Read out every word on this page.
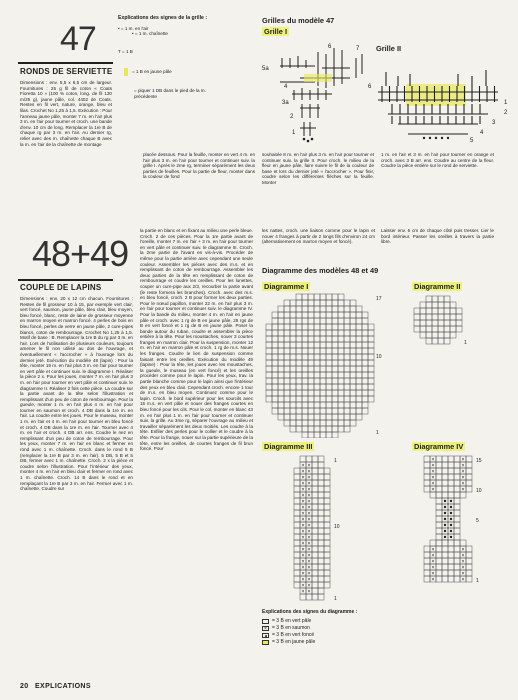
47
RONDS DE SERVIETTE

Dimensions : env. 5,5 x 6,5 cm de largeur. Fournitures : 25 g fil de coton « Coats Fioretta 10 » (100 % coton, long. de fil 130 m/25 g), jaune pâle, col. 4402 de Coats. Restes en fil vert, nature, orange, bleu et lilas. Crochet No 1,25 à 1,5. Exécution : Pour l'anneau jaune pâle, monter 7 m. en l'air plus 3 m. en l'air pour tourner et croch. une bande d'env. 10 cm de long. Remplacer la 1re B de chaque rg par 3 m. en l'air. Au dernier rg, relier avec des m. chaînette chaque B avec la m. en l'air de la chaînette de montage

Explications des signes de la grille :
• = 1 m. en l'air
• = 1 m. chaînette
T = 1 B
= 1 B en jaune pâle
= piquer 1 DB dans le pied de la m. précédente

placée dessous. Pour la feuille, monter en vert 4 m. en l'air plus 3 m. en l'air pour tourner et continuer suiv. la grille I. Après le 2me rg, terminer séparément les deux parties de feuilles. Pour la partie de fleur, monter dans la couleur de fond

Grilles du modèle 47
Grille I
Grille II
5a
4
3a
2
1
6	7
1
2
3
4
5
6

souhaitée 8 m. en l'air plus 3 m. en l'air pour tourner et continuer suiv. la grille II. Pour croch. le milieu de la fleur en jaune pâle, faire suivre le fil de la couleur de base et lors du dernier jeté « l'accrocher ». Pour finir, coudre selon les différentes flèches sur la feuille. Monter

1 m. en l'air et 3 m. en l'air pour tourner en orange et croch. avec 3 B arr. ens. Coudre au centre de la fleur. Coudre la pièce entière sur le rond de serviette.

48+49
COUPLE DE LAPINS

Dimensions : env. 20 x 12 cm chacun. Fournitures : Restes de fil grosseur 10 à 15, par exemple vert clair, vert foncé, saumon, jaune pâle, bleu clair, bleu moyen, bleu foncé, blanc, reste de laine de grosseur moyenne en marron moyen et marron foncé. 4 perles de bois en bleu foncé, perles de verre en jaune pâle, 2 cure-pipes blancs, coton de rembourrage. Crochet No 1,25 à 1,5. Motif de base : B. Remplacer la 1re B du rg par 3 m. en l'air. Lors de l'utilisation de plusieurs couleurs, toujours amener le fil non utilisé au dos de l'ouvrage, et éventuellement « l'accrocher » à l'ouvrage lors du dernier jeté. Exécution du modèle 48 (lapin) : Pour la tête, monter 19 m. en l'air plus 3 m. en l'air pour tourner en vert pâle et continuer suiv. le diagramme I. Réaliser la pièce 2 x. Pour les joues, monter 7 m. en l'air plus 3 m. en l'air pour tourner en vert pâle et continuer suiv. le diagramme II. Réaliser 2 fois cette pièce. La coudre sur la partie avant de la tête selon l'illustration et remplissant d'un peu de coton de rembourrage. Pour la gueule, monter 1 m. en l'air plus 4 m. en l'air pour tourner en saumon et croch. 4 DB dans la 1re m. en l'air. La coudre entre les joues. Pour le museau, monter 1 m. en l'air et 4 m. en l'air pour tourner en bleu foncé et croch. 4 DB dans la 1re m. en l'air. Tourner avec 4 m. en l'air et croch. 4 DB arr. ens. Coudre le nez en remplissant d'un peu de coton de rembourrage. Pour les yeux, monter 7 m. en l'air en blanc et fermer en rond avec 1 m. chaînette. Croch. dans le rond 5 B (remplacer la 1re B par 3 m. en l'air). 5 DB, 5 B et 5 DB, fermer avec 1 m. chaînette. Croch. 2 x la pièce et coudre selon l'illustration. Pour l'intérieur des yeux, monter 4 m. en l'air en bleu clair et fermer en rond avec 1 m. chaînette. Croch. 14 B dans le rond et en remplaçant la 1re B par 3 m. en l'air. Fermer avec 1 m. chaînette. Coudre sur

la partie en blanc et en fixant au milieu une perle bleue. Croch. 2 de ces pièces. Pour la 1re partie avant de l'oreille, monter 7 m. en l'air + 3 m. en l'air pour tourner en vert pâle et continuer suiv. le diagramme III. Croch. la 2me partie de l'avant en vis-à-vis. Procéder de même pour la partie arrière avec cependant une seule couleur. Assembler les pièces avec des m.s. et en remplissant de coton de rembourrage. Assembler les deux parties de la tête en remplissant de coton de rembourrage et coudre les oreilles. Pour les lunettes, couper un cure-pipe aux 2/3, recourber la partie avant (le reste formera les branches). Croch. avec des m.s. en bleu foncé, croch. 2 B pour former les deux parties. Pour le nœud papillon, monter 22 m. en l'air plus 3 m. en l'air pour tourner et continuer suiv. le diagramme IV. Pour la bande du milieu, monter 4 m. en l'air en jaune pâle et croch. avec 1 rg de B en jaune pâle, 25 rgs de B en vert foncé et 1 rg de B en jaune pâle. Poser la bande autour du ruban, coudre et assembler la pièce entière à la tête. Pour les moustaches, nouer 3 courtes franges en marron clair. Pour la suspension, monter 12 m. en l'air en marron pâle et croch. 1 rg de m.s. Nouer les franges. Coudre le lien de suspension comme faisant entre les oreilles. Exécution du modèle 49 (lapine) : Pour la tête, les joues avec les moustaches, la gueule, le museau (en vert foncé) et les oreilles procéder comme pour le lapin. Pour les yeux, trav. la partie blanche comme pour le lapin ainsi que l'intérieur des yeux en bleu clair. Cependant croch. encore 1 tour de m.s. en bleu moyen. Continuez comme pour le lapin. Croch. le bord supérieur pour les sourcils avec 15 m.s. en vert pâle et nouer des franges courtes en bleu foncé pour les cils. Pour le col, monter en blanc 43 m. en l'air plus 1 m. en l'air pour tourner et continuer suiv. la grille. Au 3me rg, séparer l'ouvrage au milieu et travailler séparément les deux moitiés. Les coudre à la tête. Enfiler des perles pour le collier et le coudre à la tête. Pour la frange, nouer sur la partie supérieure de la tête, entre les oreilles, de courtes franges de fil brun foncé. Pour

les nattes, croch. une liaison comme pour le lapin et nouer 4 franges à partir de 2 longs fils d'environ 24 cm (alternativement en marron moyen et foncé).

Laisser env. 6 cm de chaque côté puis tresser. Lier le bord intérieur. Passer les oreilles à travers la partie libre.

Diagramme des modèles 48 et 49
Diagramme I	Diagramme II
Diagramme III	Diagramme IV
17
10
1
1
× ×
× ×
× ×
× ×
× ×
× ×
× ×
× ×
× ×
× ×
× ×
× ×
× ×
× ×
× ×
× ×
× ×
× ×
× ×
× ×
× ×
× ×
1
10
1
×	×
×	×
×	×
×	×
×	×
×	×
×	×
×	×
×	×
×	×
×	×
×	×
15
10
5
1
Explications des signes du diagramme :
= 3 B en vert pâle
×	= 3 B en saumon
= 3 B en vert foncé
= 3 B en jaune pâle
20 EXPLICATIONS
